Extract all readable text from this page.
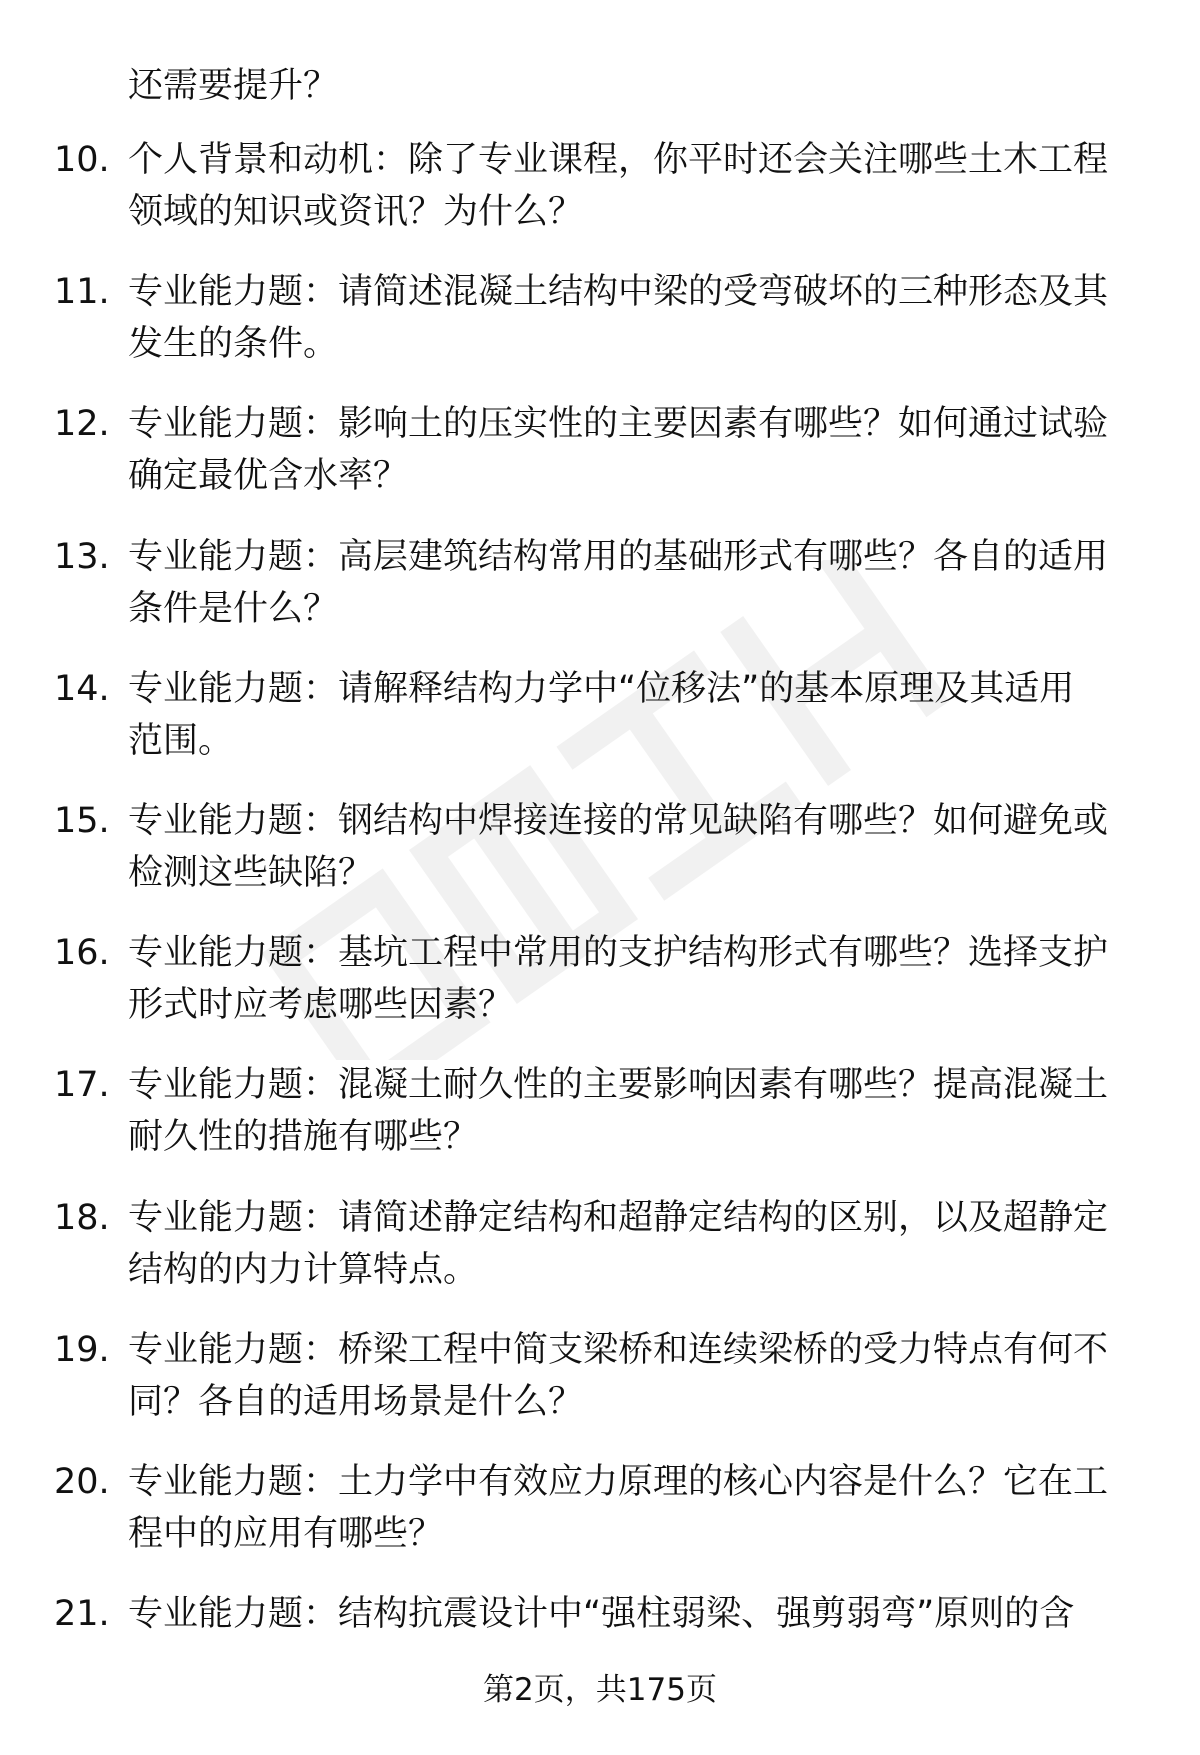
还需要提升？
10. 个人背景和动机：除了专业课程，你平时还会关注哪些土木工程
领域的知识或资讯？为什么？
11. 专业能力题：请简述混凝土结构中梁的受弯破坏的三种形态及其
发生的条件。
12. 专业能力题：影响土的压实性的主要因素有哪些？如何通过试验
确定最优含水率？
13. 专业能力题：高层建筑结构常用的基础形式有哪些？各自的适用
条件是什么？
14. 专业能力题：请解释结构力学中“位移法”的基本原理及其适用
范围。
15. 专业能力题：钢结构中焊接连接的常见缺陷有哪些？如何避免或
检测这些缺陷？
16. 专业能力题：基坑工程中常用的支护结构形式有哪些？选择支护
形式时应考虑哪些因素？
17. 专业能力题：混凝土耐久性的主要影响因素有哪些？提高混凝土
耐久性的措施有哪些？
18. 专业能力题：请简述静定结构和超静定结构的区别，以及超静定
结构的内力计算特点。
19. 专业能力题：桥梁工程中简支梁桥和连续梁桥的受力特点有何不
同？各自的适用场景是什么？
20. 专业能力题：土力学中有效应力原理的核心内容是什么？它在工
程中的应用有哪些？
21. 专业能力题：结构抗震设计中“强柱弱梁、强剪弱弯”原则的含
第2页，共175页
